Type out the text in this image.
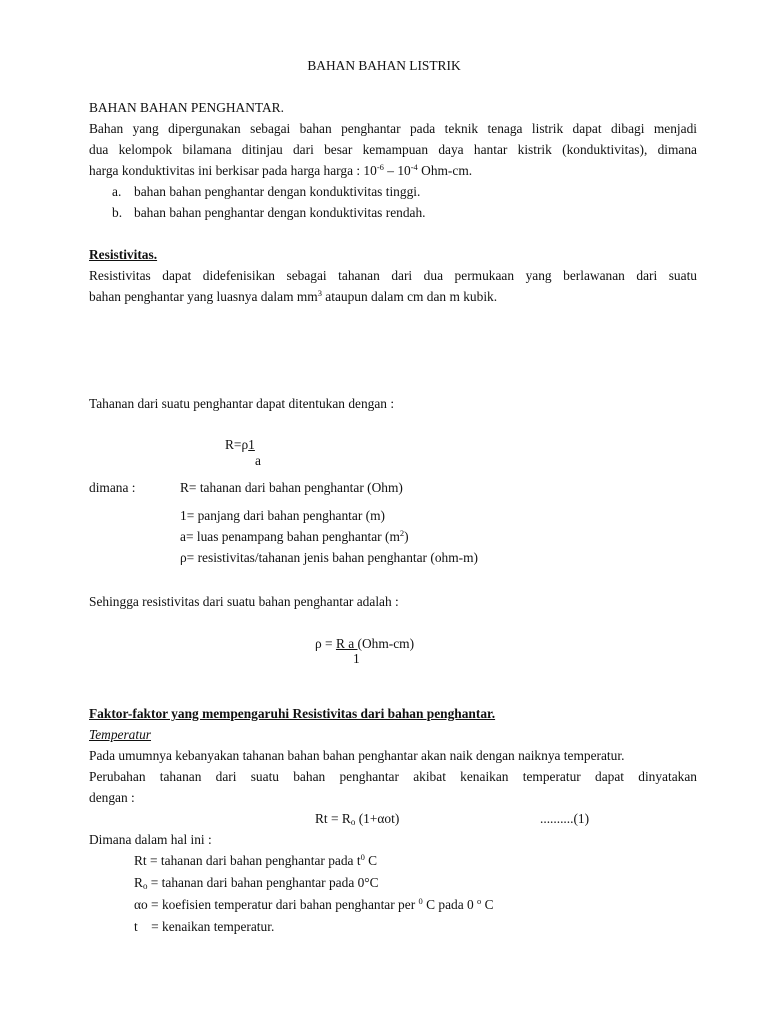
BAHAN BAHAN LISTRIK
BAHAN BAHAN PENGHANTAR.
Bahan yang dipergunakan sebagai bahan penghantar pada teknik tenaga listrik dapat dibagi menjadi
dua kelompok bilamana ditinjau dari besar kemampuan daya hantar kistrik (konduktivitas), dimana
harga konduktivitas ini berkisar pada harga harga : $10^{-6} - 10^{-4}$ Ohm-cm.
a. bahan bahan penghantar dengan konduktivitas tinggi.
b. bahan bahan penghantar dengan konduktivitas rendah.
Resistivitas.
Resistivitas dapat didefenisikan sebagai tahanan dari dua permukaan yang berlawanan dari suatu
bahan penghantar yang luasnya dalam $mm^3$ ataupun dalam cm dan m kubik.
Tahanan dari suatu penghantar dapat ditentukan dengan :
R=ρ1
a
dimana :	R= tahanan dari bahan penghantar (Ohm)
1= panjang dari bahan penghantar (m)
a= luas penampang bahan penghantar $(m^2)$
ρ= resistivitas/tahanan jenis bahan penghantar (ohm-m)
Sehingga resistivitas dari suatu bahan penghantar adalah :
ρ = R a (Ohm-cm)
1
Faktor-faktor yang mempengaruhi Resistivitas dari bahan penghantar.
Temperatur
Pada umumnya kebanyakan tahanan bahan bahan penghantar akan naik dengan naiknya temperatur.
Perubahan tahanan dari suatu bahan penghantar akibat kenaikan temperatur dapat dinyatakan
dengan :
$Rt = R_o$ (1+αot)	..........(1)
Dimana dalam hal ini :
Rt = tahanan dari bahan penghantar pada $t^0$ C
$R_o$ = tahanan dari bahan penghantar pada 0°C
αo = koefisien temperatur dari bahan penghantar per $^0$ C pada 0 $^o$ C
t    = kenaikan temperatur.
